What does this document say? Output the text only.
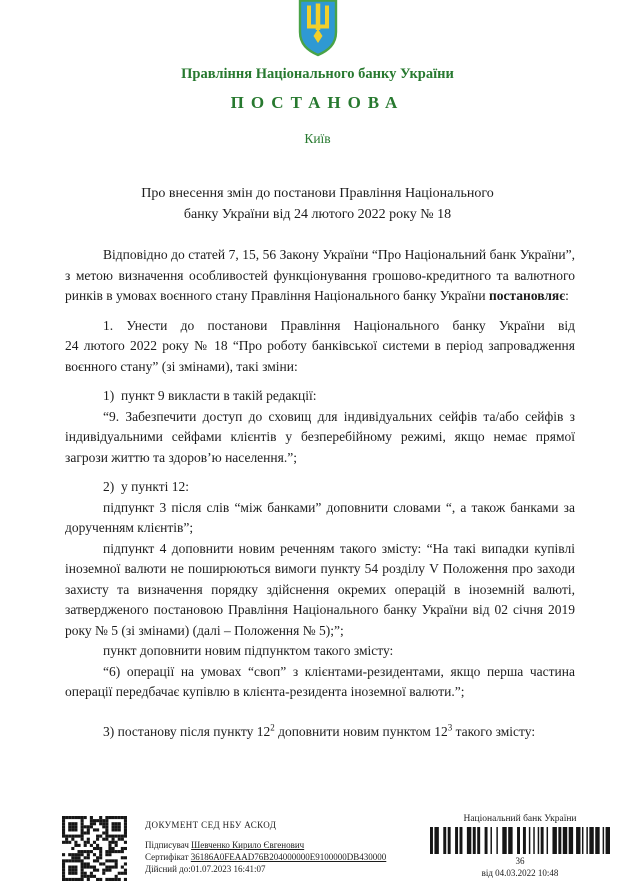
Правління Національного банку України
ПОСТАНОВА
Київ
Про внесення змін до постанови Правління Національного
банку України від 24 лютого 2022 року № 18

Відповідно до статей 7, 15, 56 Закону України “Про Національний банк України”, з метою визначення особливостей функціонування грошово-кредитного та валютного ринків в умовах воєнного стану Правління Національного банку України постановляє:

1. Унести до постанови Правління Національного банку України від 24 лютого 2022 року № 18 “Про роботу банківської системи в період запровадження воєнного стану” (зі змінами), такі зміни:

1)  пункт 9 викласти в такій редакції:

“9. Забезпечити доступ до сховищ для індивідуальних сейфів та/або сейфів з індивідуальними сейфами клієнтів у безперебійному режимі, якщо немає прямої загрози життю та здоров’ю населення.”;

2)  у пункті 12:

підпункт 3 після слів “між банками” доповнити словами “, а також банками за дорученням клієнтів”;

підпункт 4 доповнити новим реченням такого змісту: “На такі випадки купівлі іноземної валюти не поширюються вимоги пункту 54 розділу V Положення про заходи захисту та визначення порядку здійснення окремих операцій в іноземній валюті, затвердженого постановою Правління Національного банку України від 02 січня 2019 року № 5 (зі змінами) (далі – Положення № 5);”;

пункт доповнити новим підпунктом такого змісту:

“6) операції на умовах “своп” з клієнтами-резидентами, якщо перша частина операції передбачає купівлю в клієнта-резидента іноземної валюти.”;

3) постанову після пункту $12^2$ доповнити новим пунктом $12^3$ такого змісту:

ДОКУМЕНТ СЕД НБУ АСКОД
Підписувач Шевченко Кирило Євгенович
Сертифікат 36186A0FEAAD76B204000000E9100000DB430000
Дійсний до:01.07.2023 16:41:07
Національний банк України
36
від 04.03.2022 10:48
